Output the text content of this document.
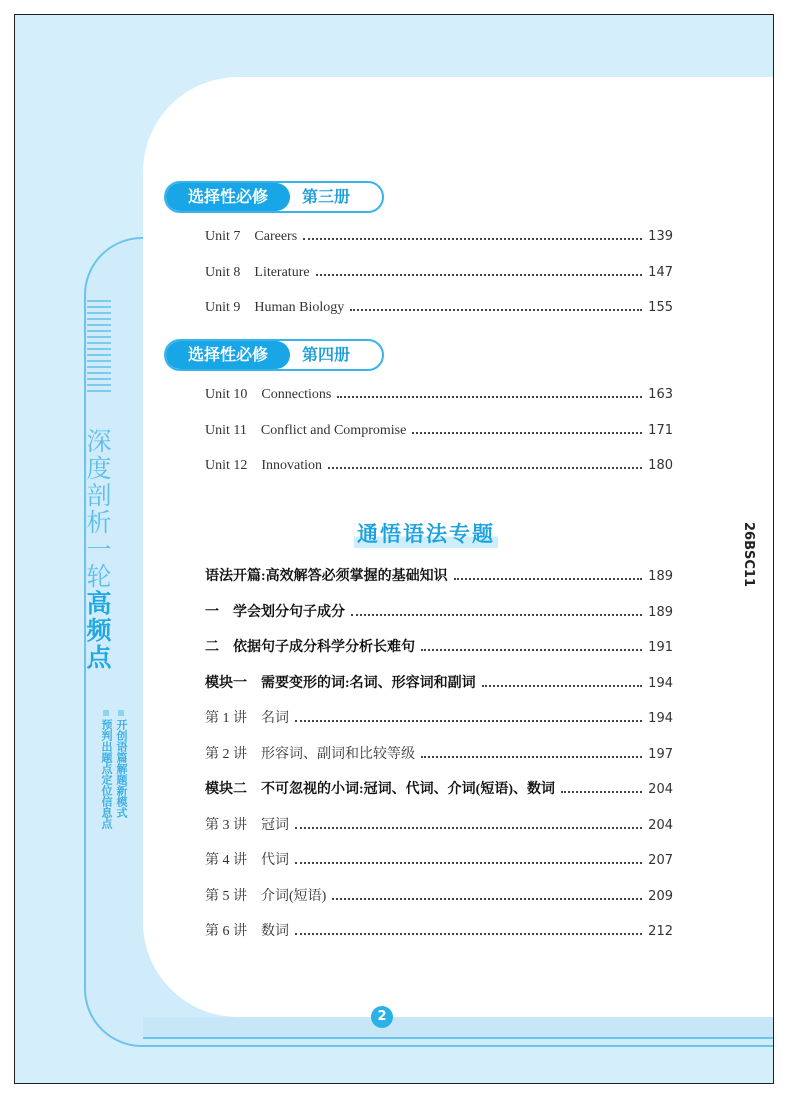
深度剖析一轮高频点
开创语篇解题新模式
预判出题点定位信息点
26BSC11
2
选择性必修	第三册
Unit 7 Careers	139
Unit 8 Literature	147
Unit 9 Human Biology	155
选择性必修	第四册
Unit 10 Connections	163
Unit 11 Conflict and Compromise	171
Unit 12 Innovation	180
通悟语法专题
语法开篇:高效解答必须掌握的基础知识	189
一　学会划分句子成分	189
二　依据句子成分科学分析长难句	191
模块一　需要变形的词:名词、形容词和副词	194
第 1 讲　名词	194
第 2 讲　形容词、副词和比较等级	197
模块二　不可忽视的小词:冠词、代词、介词(短语)、数词	204
第 3 讲　冠词	204
第 4 讲　代词	207
第 5 讲　介词(短语)	209
第 6 讲　数词	212
